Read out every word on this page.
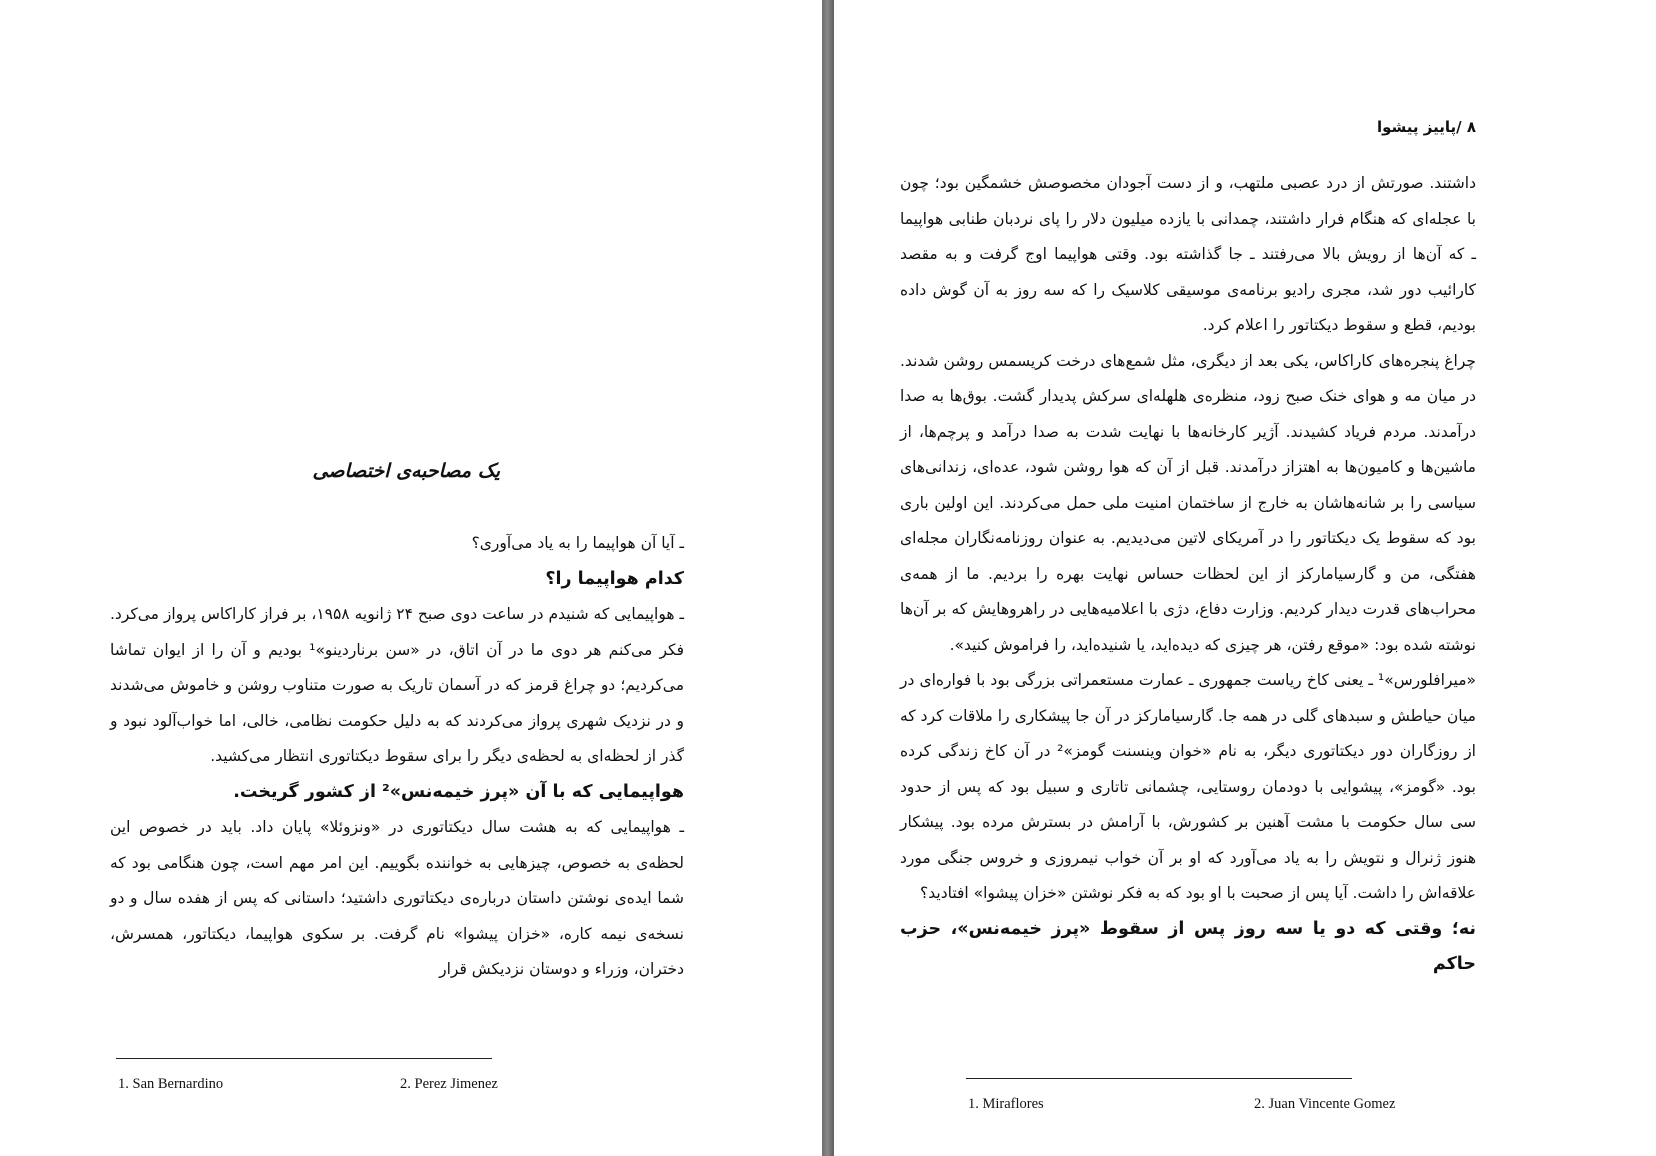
یک مصاحبه‌ی اختصاصی

ـ آیا آن هواپیما را به یاد می‌آوری؟

کدام هواپیما را؟

ـ هواپیمایی که شنیدم در ساعت دوی صبح ۲۴ ژانویه ۱۹۵۸، بر فراز کاراکاس پرواز می‌کرد. فکر می‌کنم هر دوی ما در آن اتاق، در «سن برناردینو»¹ بودیم و آن را از ایوان تماشا می‌کردیم؛ دو چراغ قرمز که در آسمان تاریک به صورت متناوب روشن و خاموش می‌شدند و در نزدیک شهری پرواز می‌کردند که به دلیل حکومت نظامی، خالی، اما خواب‌آلود نبود و گذر از لحظه‌ای به لحظه‌ی دیگر را برای سقوط دیکتاتوری انتظار می‌کشید.

هواپیمایی که با آن «پرز خیمه‌نس»² از کشور گریخت.

ـ هواپیمایی که به هشت سال دیکتاتوری در «ونزوئلا» پایان داد. باید در خصوص این لحظه‌ی به خصوص، چیزهایی به خواننده بگوییم. این امر مهم است، چون هنگامی بود که شما ایده‌ی نوشتن داستان درباره‌ی دیکتاتوری داشتید؛ داستانی که پس از هفده سال و دو نسخه‌ی نیمه کاره، «خزان پیشوا» نام گرفت. بر سکوی هواپیما، دیکتاتور، همسرش، دختران، وزراء و دوستان نزدیکش قرار

1. San Bernardino	2. Perez Jimenez
۸ /پاییز پیشوا

داشتند. صورتش از درد عصبی ملتهب، و از دست آجودان مخصوصش خشمگین بود؛ چون با عجله‌ای که هنگام فرار داشتند، چمدانی با یازده میلیون دلار را پای نردبان طنابی هواپیما ـ که آن‌ها از رویش بالا می‌رفتند ـ جا گذاشته بود. وقتی هواپیما اوج گرفت و به مقصد کارائیب دور شد، مجری رادیو برنامه‌ی موسیقی کلاسیک را که سه روز به آن گوش داده بودیم، قطع و سقوط دیکتاتور را اعلام کرد.

چراغ پنجره‌های کاراکاس، یکی بعد از دیگری، مثل شمع‌های درخت کریسمس روشن شدند. در میان مه و هوای خنک صبح زود، منظره‌ی هلهله‌ای سرکش پدیدار گشت. بوق‌ها به صدا درآمدند. مردم فریاد کشیدند. آژیر کارخانه‌ها با نهایت شدت به صدا درآمد و پرچم‌ها، از ماشین‌ها و کامیون‌ها به اهتزاز درآمدند. قبل از آن که هوا روشن شود، عده‌ای، زندانی‌های سیاسی را بر شانه‌هاشان به خارج از ساختمان امنیت ملی حمل می‌کردند. این اولین باری بود که سقوط یک دیکتاتور را در آمریکای لاتین می‌دیدیم. به عنوان روزنامه‌نگاران مجله‌ای هفتگی، من و گارسیامارکز از این لحظات حساس نهایت بهره را بردیم. ما از همه‌ی محراب‌های قدرت دیدار کردیم. وزارت دفاع، دژی با اعلامیه‌هایی در راهروهایش که بر آن‌ها نوشته شده بود: «موقع رفتن، هر چیزی که دیده‌اید، یا شنیده‌اید، را فراموش کنید».

«میرافلورس»¹ ـ یعنی کاخ ریاست جمهوری ـ عمارت مستعمراتی بزرگی بود با فواره‌ای در میان حیاطش و سبدهای گلی در همه جا. گارسیامارکز در آن جا پیشکاری را ملاقات کرد که از روزگاران دور دیکتاتوری دیگر، به نام «خوان وینسنت گومز»² در آن کاخ زندگی کرده بود. «گومز»، پیشوایی با دودمان روستایی، چشمانی تاتاری و سبیل بود که پس از حدود سی سال حکومت با مشت آهنین بر کشورش، با آرامش در بسترش مرده بود. پیشکار هنوز ژنرال و نتویش را به یاد می‌آورد که او بر آن خواب نیمروزی و خروس جنگی مورد علاقه‌اش را داشت. آیا پس از صحبت با او بود که به فکر نوشتن «خزان پیشوا» افتادید؟

نه؛ وقتی که دو یا سه روز پس از سقوط «پرز خیمه‌نس»، حزب حاکم

1. Miraflores	2. Juan Vincente Gomez
